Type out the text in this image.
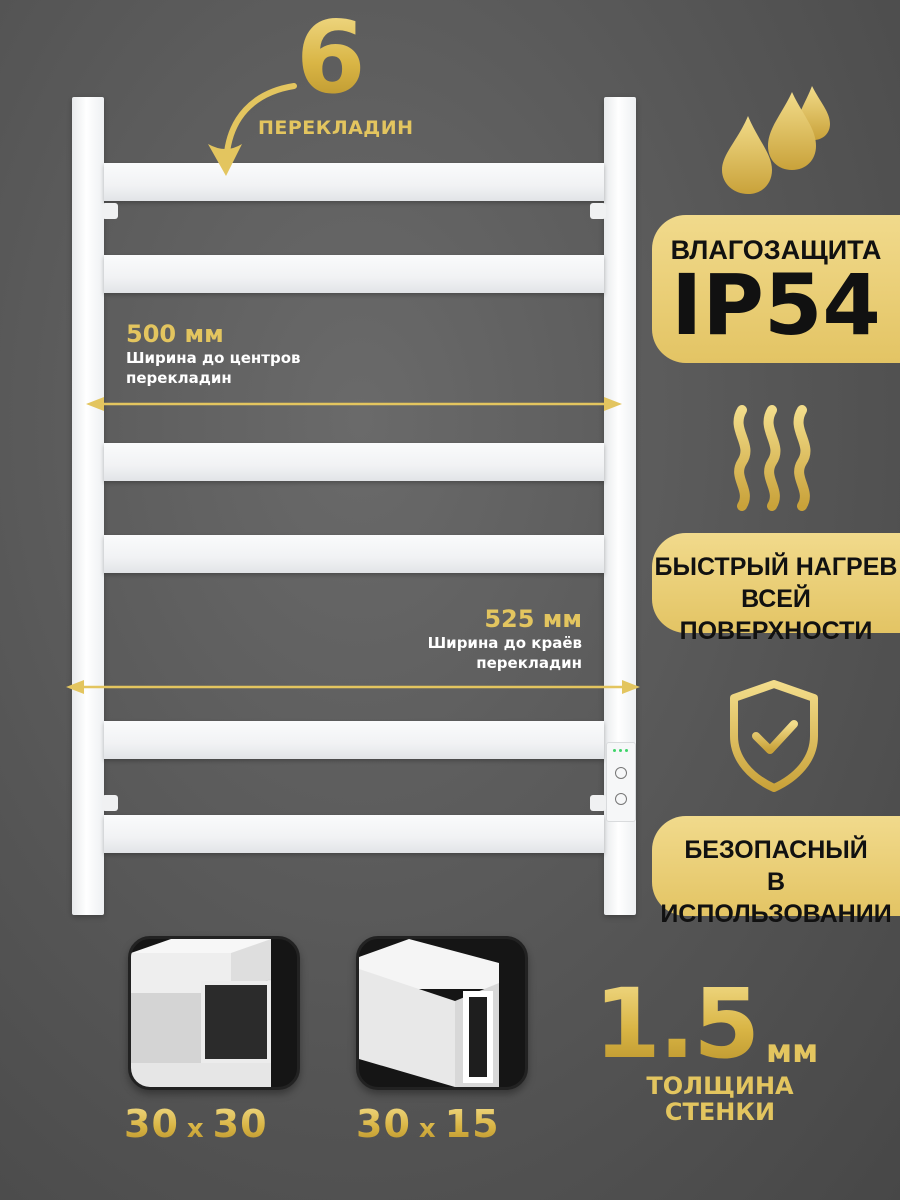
6
ПЕРЕКЛАДИН
500 мм
Ширина до центров
перекладин
525 мм
Ширина до краёв
перекладин
ВЛАГОЗАЩИТА
IP54
БЫСТРЫЙ НАГРЕВ
ВСЕЙ ПОВЕРХНОСТИ
БЕЗОПАСНЫЙ
В ИСПОЛЬЗОВАНИИ
30 x 30	30 x 15
1.5 мм
ТОЛЩИНА
СТЕНКИ
